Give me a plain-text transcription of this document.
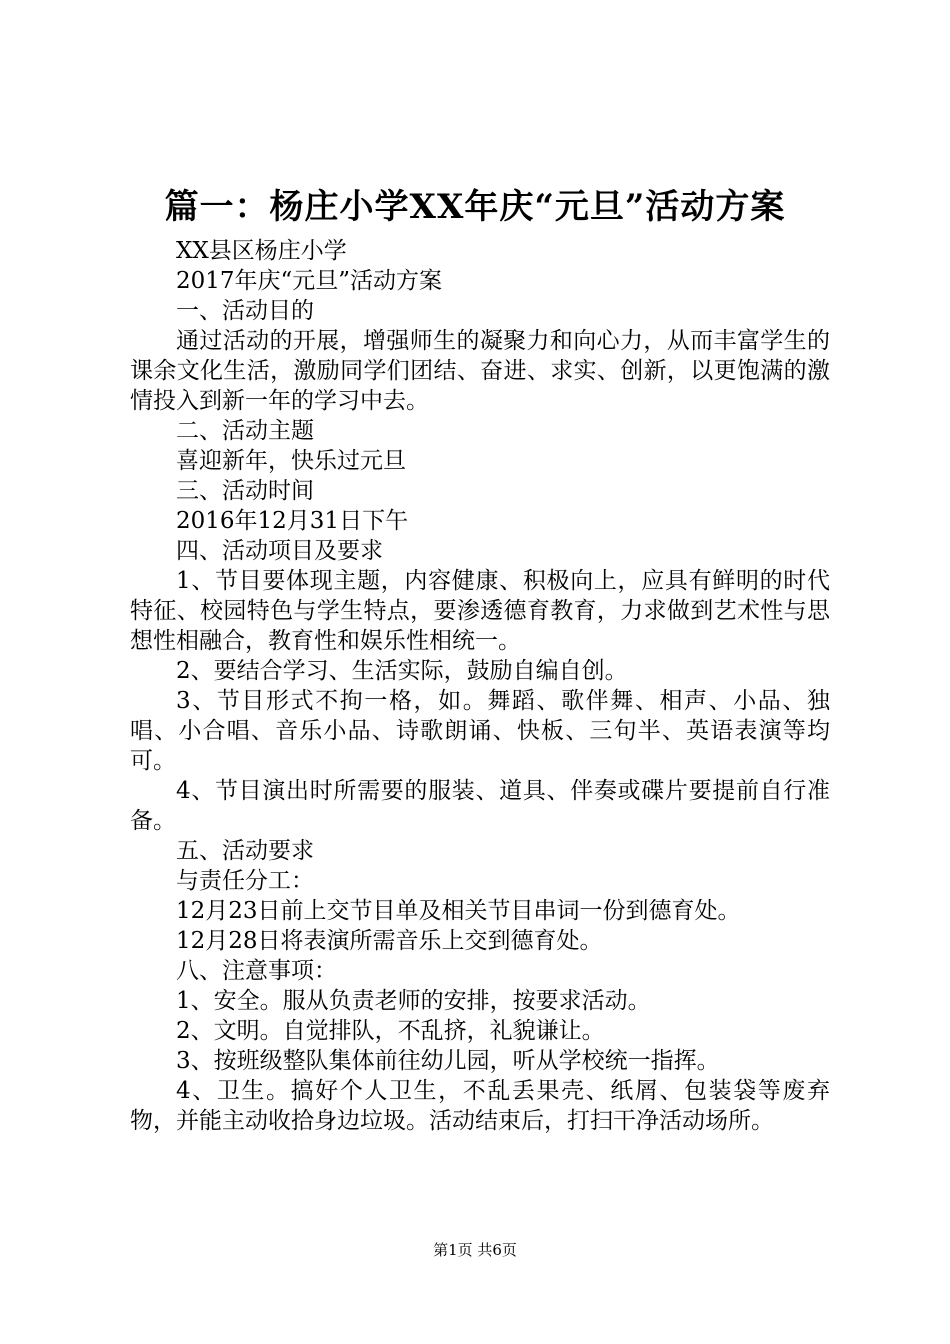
篇一：杨庄小学XX年庆“元旦”活动方案

XX县区杨庄小学

2017年庆“元旦”活动方案

一、活动目的

通过活动的开展，增强师生的凝聚力和向心力，从而丰富学生的课余文化生活，激励同学们团结、奋进、求实、创新，以更饱满的激情投入到新一年的学习中去。

二、活动主题

喜迎新年，快乐过元旦

三、活动时间

2016年12月31日下午

四、活动项目及要求

1、节目要体现主题，内容健康、积极向上，应具有鲜明的时代特征、校园特色与学生特点，要渗透德育教育，力求做到艺术性与思想性相融合，教育性和娱乐性相统一。

2、要结合学习、生活实际，鼓励自编自创。

3、节目形式不拘一格，如。舞蹈、歌伴舞、相声、小品、独唱、小合唱、音乐小品、诗歌朗诵、快板、三句半、英语表演等均可。

4、节目演出时所需要的服装、道具、伴奏或碟片要提前自行准备。

五、活动要求

与责任分工：

12月23日前上交节目单及相关节目串词一份到德育处。

12月28日将表演所需音乐上交到德育处。

八、注意事项：

1、安全。服从负责老师的安排，按要求活动。

2、文明。自觉排队，不乱挤，礼貌谦让。

3、按班级整队集体前往幼儿园，听从学校统一指挥。

4、卫生。搞好个人卫生，不乱丢果壳、纸屑、包装袋等废弃物，并能主动收拾身边垃圾。活动结束后，打扫干净活动场所。

第1页 共6页
